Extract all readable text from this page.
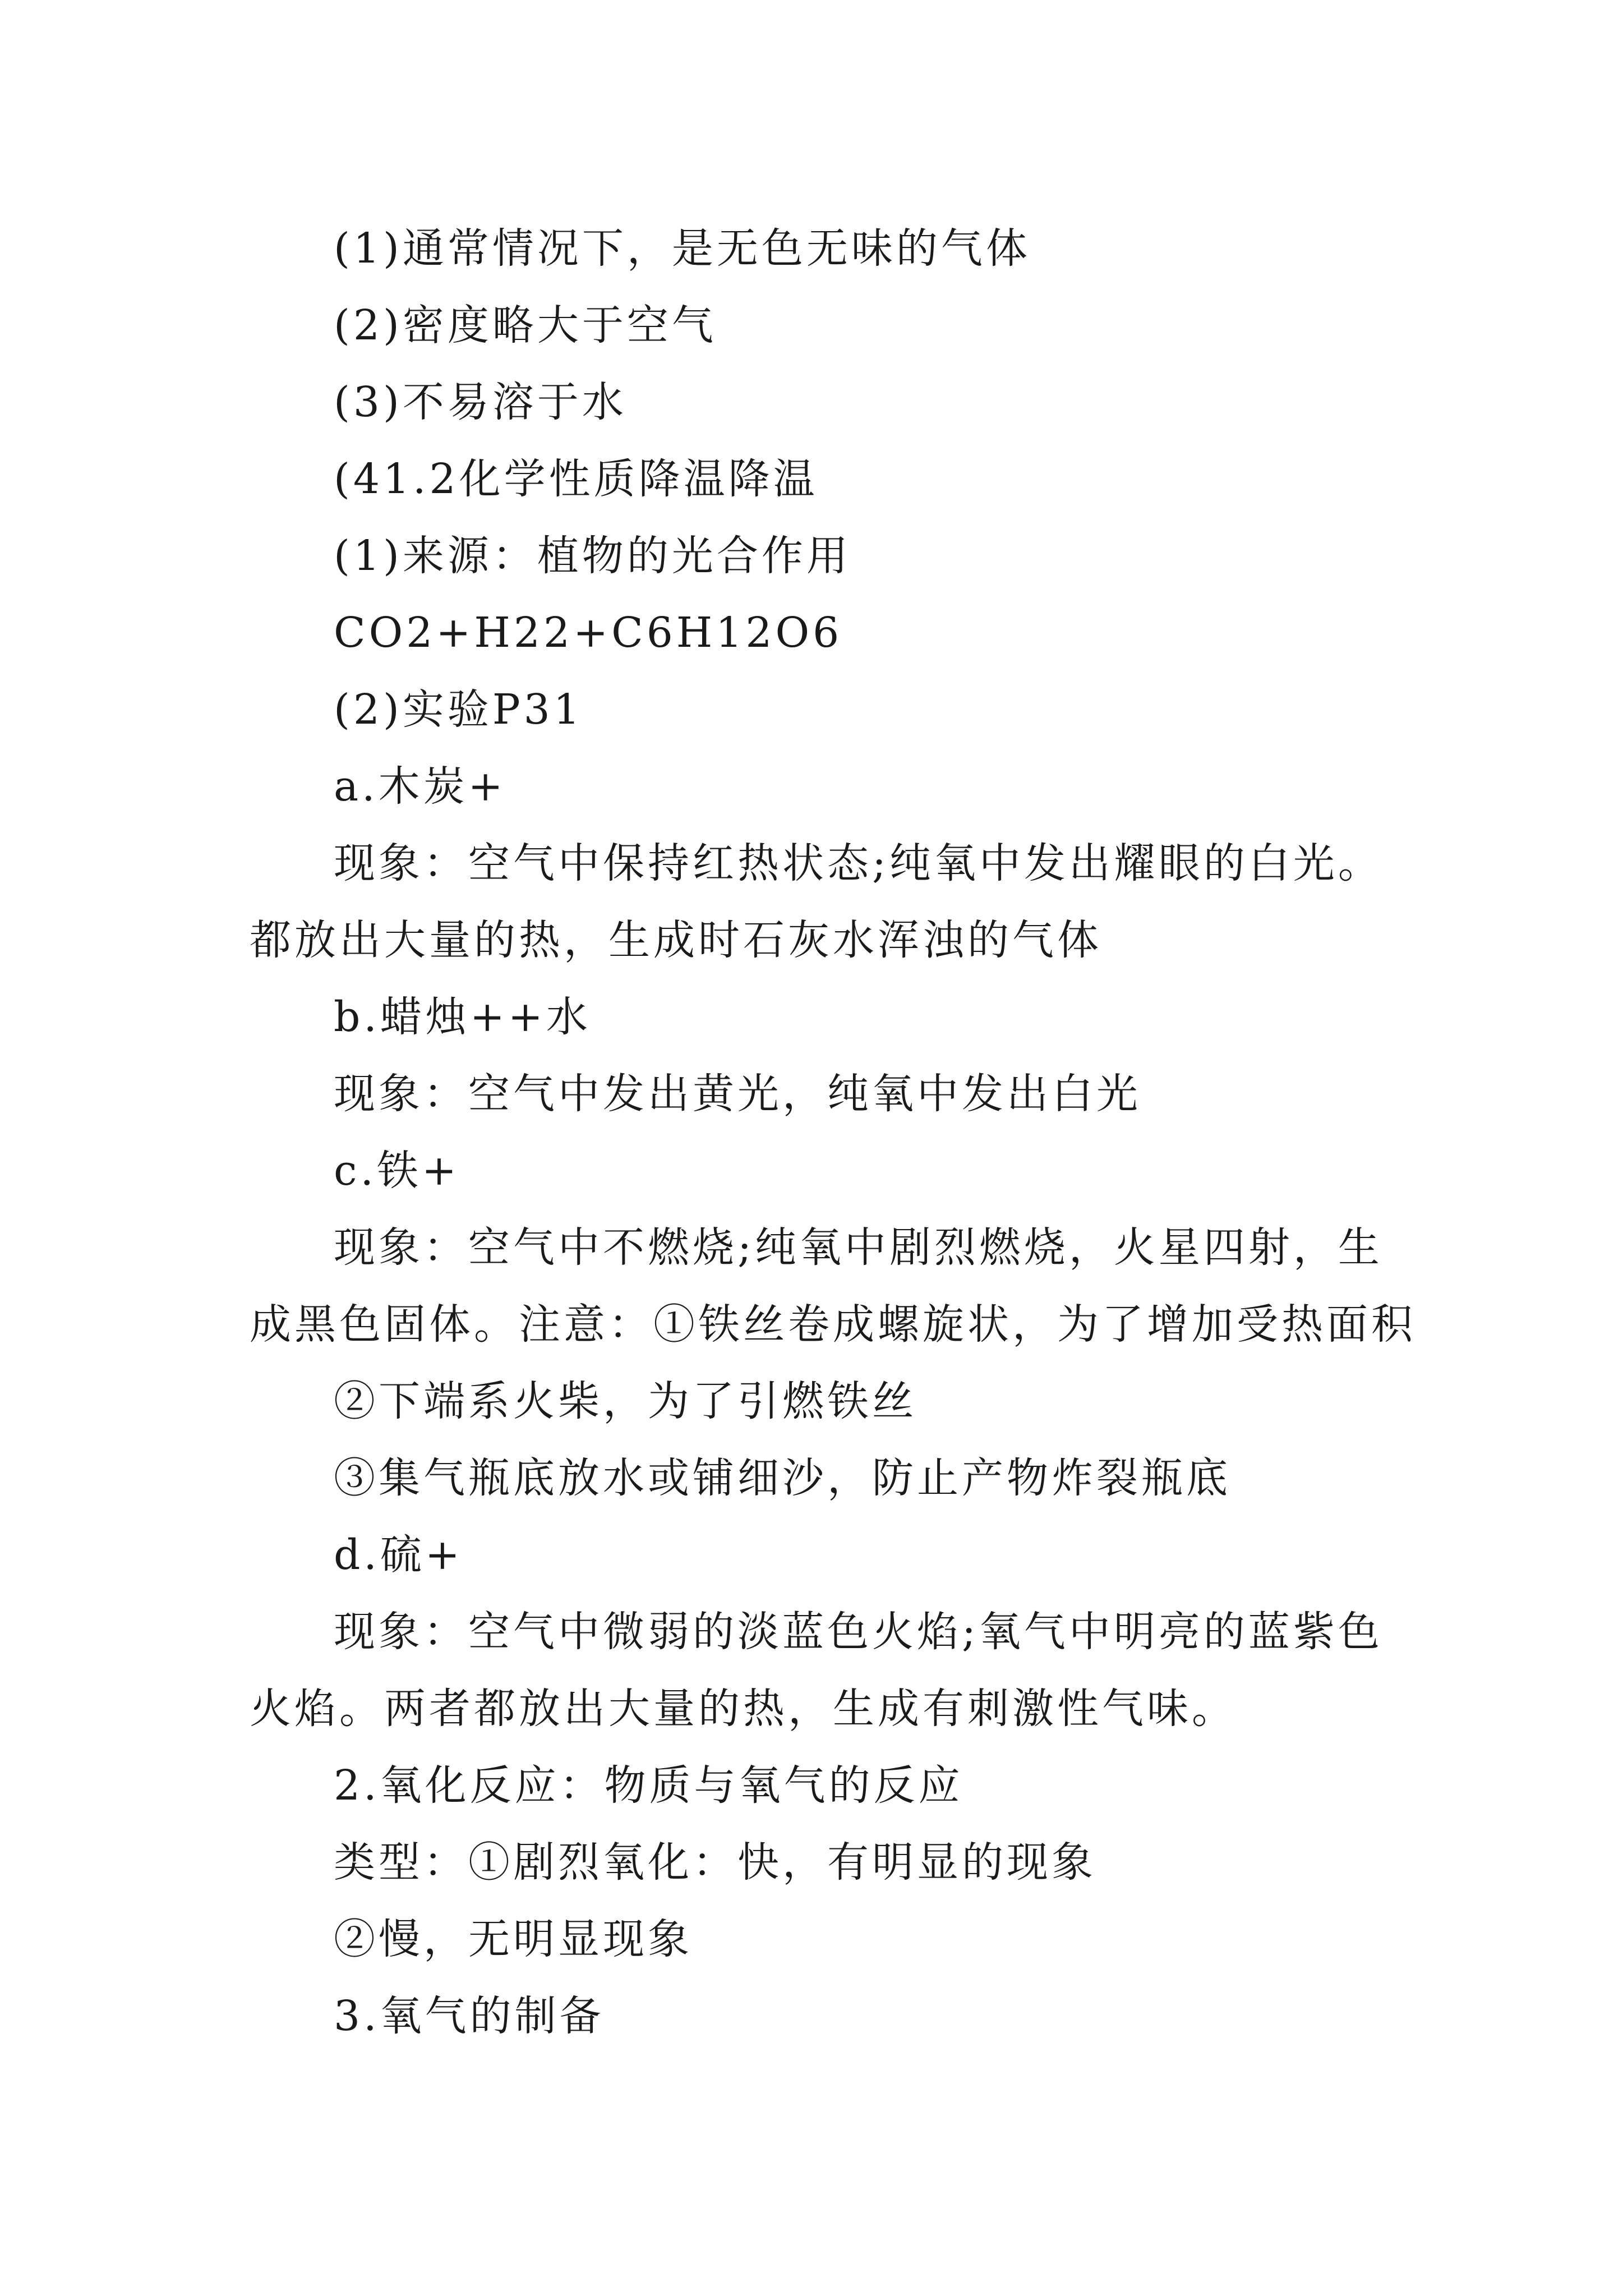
(1)通常情况下，是无色无味的气体

(2)密度略大于空气

(3)不易溶于水

(41.2化学性质降温降温

(1)来源：植物的光合作用

CO2+H22+C6H12O6

(2)实验P31

a.木炭+

现象：空气中保持红热状态;纯氧中发出耀眼的白光。

都放出大量的热，生成时石灰水浑浊的气体

b.蜡烛++水

现象：空气中发出黄光，纯氧中发出白光

c.铁+

现象：空气中不燃烧;纯氧中剧烈燃烧，火星四射，生

成黑色固体。注意：①铁丝卷成螺旋状，为了增加受热面积

②下端系火柴，为了引燃铁丝

③集气瓶底放水或铺细沙，防止产物炸裂瓶底

d.硫+

现象：空气中微弱的淡蓝色火焰;氧气中明亮的蓝紫色

火焰。两者都放出大量的热，生成有刺激性气味。

2.氧化反应：物质与氧气的反应

类型：①剧烈氧化：快，有明显的现象

②慢，无明显现象

3.氧气的制备
